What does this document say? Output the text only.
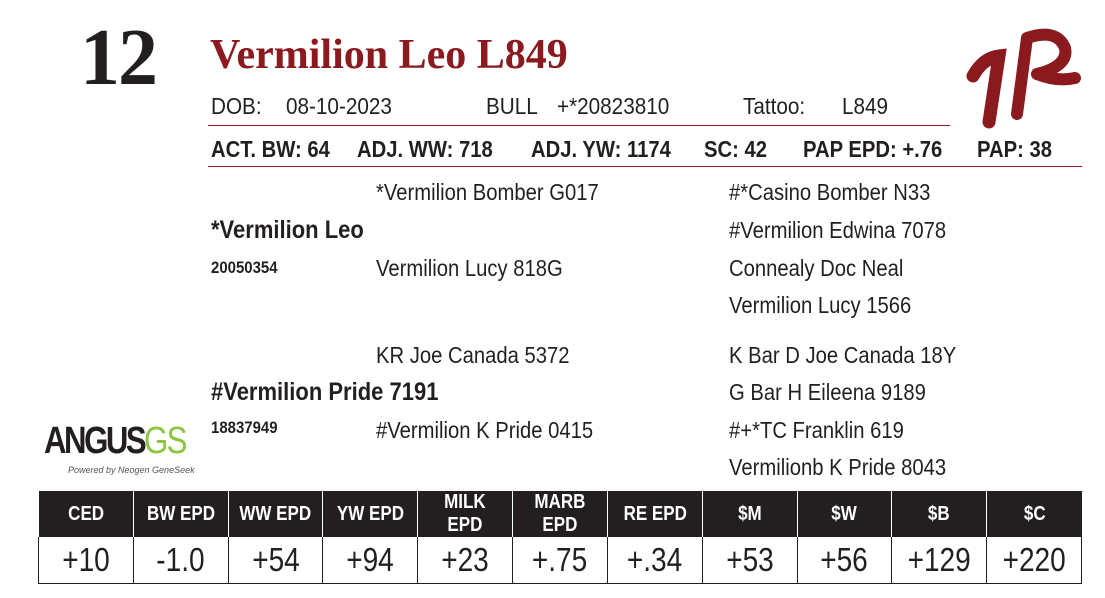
12 Vermilion Leo L849
DOB: 08-10-2023	BULL +*20823810	Tattoo: L849
ACT. BW: 64 ADJ. WW: 718 ADJ. YW: 1174 SC: 42 PAP EPD: +.76 PAP: 38
*Vermilion Bomber G017
*Vermilion Leo
20050354	Vermilion Lucy 818G
#*Casino Bomber N33
#Vermilion Edwina 7078
Connealy Doc Neal
Vermilion Lucy 1566
KR Joe Canada 5372
#Vermilion Pride 7191
18837949	#Vermilion K Pride 0415
K Bar D Joe Canada 18Y
G Bar H Eileena 9189
#+*TC Franklin 619
Vermilionb K Pride 8043
ANGUSGS
Powered by Neogen GeneSeek
CED	BW EPD	WW EPD	YW EPD	MILK EPD	MARB EPD	RE EPD	$M	$W	$B	$C
+10	-1.0	+54	+94	+23	+.75	+.34	+53	+56	+129	+220
